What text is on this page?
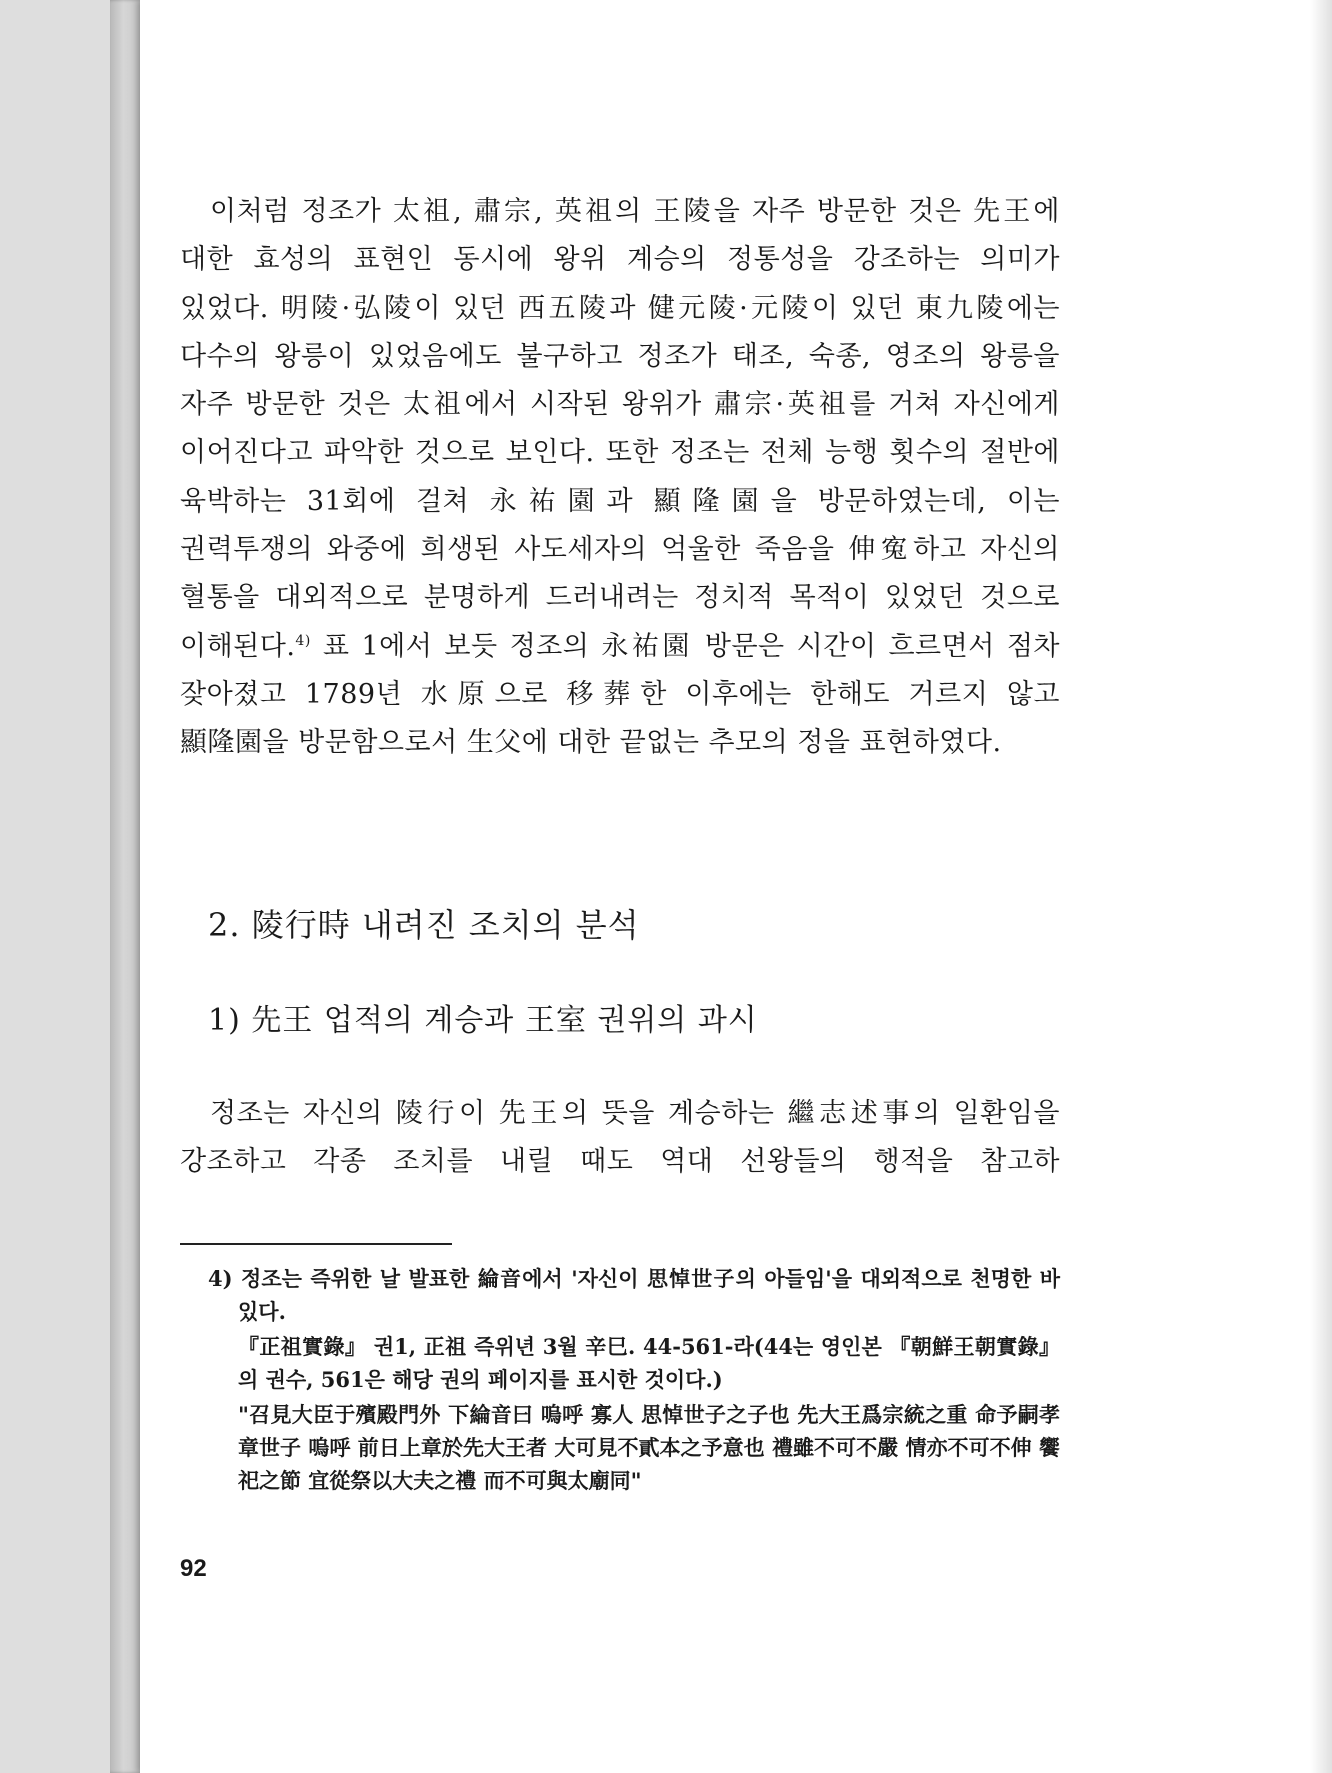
이처럼 정조가 太祖, 肅宗, 英祖의 王陵을 자주 방문한 것은 先王에 대한 효성의 표현인 동시에 왕위 계승의 정통성을 강조하는 의미가 있었다. 明陵·弘陵이 있던 西五陵과 健元陵·元陵이 있던 東九陵에는 다수의 왕릉이 있었음에도 불구하고 정조가 태조, 숙종, 영조의 왕릉을 자주 방문한 것은 太祖에서 시작된 왕위가 肅宗·英祖를 거쳐 자신에게 이어진다고 파악한 것으로 보인다. 또한 정조는 전체 능행 횟수의 절반에 육박하는 31회에 걸쳐 永祐園과 顯隆園을 방문하였는데, 이는 권력투쟁의 와중에 희생된 사도세자의 억울한 죽음을 伸寃하고 자신의 혈통을 대외적으로 분명하게 드러내려는 정치적 목적이 있었던 것으로 이해된다.$^{4)}$ 표 1에서 보듯 정조의 永祐園 방문은 시간이 흐르면서 점차 잦아졌고 1789년 水原으로 移葬한 이후에는 한해도 거르지 않고 顯隆園을 방문함으로서 生父에 대한 끝없는 추모의 정을 표현하였다.

2. 陵行時 내려진 조치의 분석
1) 先王 업적의 계승과 王室 권위의 과시

정조는 자신의 陵行이 先王의 뜻을 계승하는 繼志述事의 일환임을 강조하고 각종 조치를 내릴 때도 역대 선왕들의 행적을 참고하

4) 정조는 즉위한 날 발표한 綸音에서 '자신이 思悼世子의 아들임'을 대외적으로 천명한 바 있다.
『正祖實錄』 권1, 正祖 즉위년 3월 辛巳. 44-561-라(44는 영인본 『朝鮮王朝實錄』의 권수, 561은 해당 권의 페이지를 표시한 것이다.)
"召見大臣于殯殿門外 下綸音曰 嗚呼 寡人 思悼世子之子也 先大王爲宗統之重 命予嗣孝章世子 嗚呼 前日上章於先大王者 大可見不貳本之予意也 禮雖不可不嚴 情亦不可不伸 饗祀之節 宜從祭以大夫之禮 而不可與太廟同"
92
